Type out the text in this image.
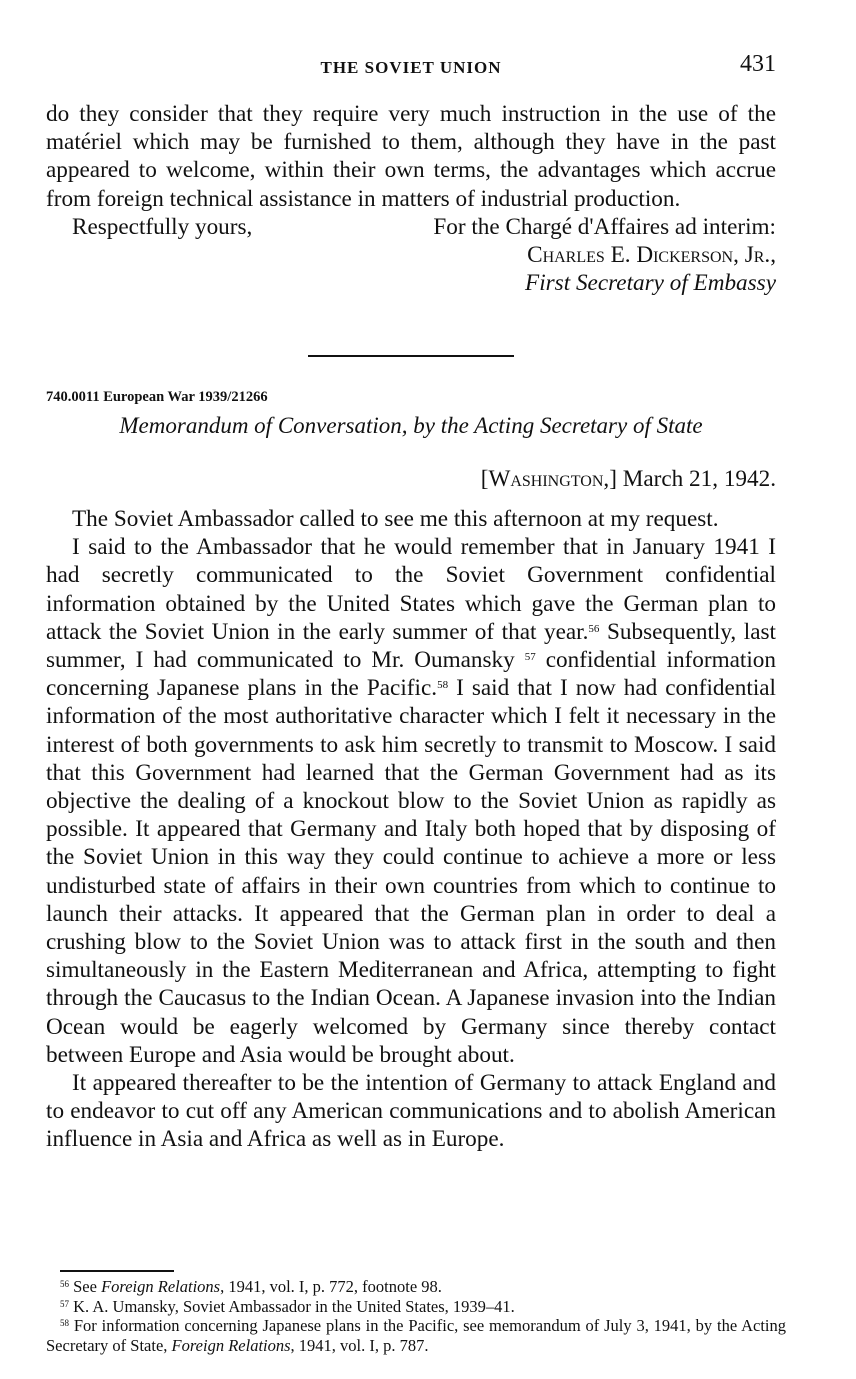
THE SOVIET UNION	431

do they consider that they require very much instruction in the use of the matériel which may be furnished to them, although they have in the past appeared to welcome, within their own terms, the advantages which accrue from foreign technical assistance in matters of industrial production.

Respectfully yours,	For the Chargé d'Affaires ad interim:
Charles E. Dickerson, Jr.,
First Secretary of Embassy
740.0011 European War 1939/21266
Memorandum of Conversation, by the Acting Secretary of State
[Washington,] March 21, 1942.

The Soviet Ambassador called to see me this afternoon at my request.

I said to the Ambassador that he would remember that in January 1941 I had secretly communicated to the Soviet Government confidential information obtained by the United States which gave the German plan to attack the Soviet Union in the early summer of that year.$^{56}$ Subsequently, last summer, I had communicated to Mr. Oumansky $^{57}$ confidential information concerning Japanese plans in the Pacific.$^{58}$ I said that I now had confidential information of the most authoritative character which I felt it necessary in the interest of both governments to ask him secretly to transmit to Moscow. I said that this Government had learned that the German Government had as its objective the dealing of a knockout blow to the Soviet Union as rapidly as possible. It appeared that Germany and Italy both hoped that by disposing of the Soviet Union in this way they could continue to achieve a more or less undisturbed state of affairs in their own countries from which to continue to launch their attacks. It appeared that the German plan in order to deal a crushing blow to the Soviet Union was to attack first in the south and then simultaneously in the Eastern Mediterranean and Africa, attempting to fight through the Caucasus to the Indian Ocean. A Japanese invasion into the Indian Ocean would be eagerly welcomed by Germany since thereby contact between Europe and Asia would be brought about.

It appeared thereafter to be the intention of Germany to attack England and to endeavor to cut off any American communications and to abolish American influence in Asia and Africa as well as in Europe.

$^{56}$ See Foreign Relations, 1941, vol. I, p. 772, footnote 98.

$^{57}$ K. A. Umansky, Soviet Ambassador in the United States, 1939–41.

$^{58}$ For information concerning Japanese plans in the Pacific, see memorandum of July 3, 1941, by the Acting Secretary of State, Foreign Relations, 1941, vol. I, p. 787.
